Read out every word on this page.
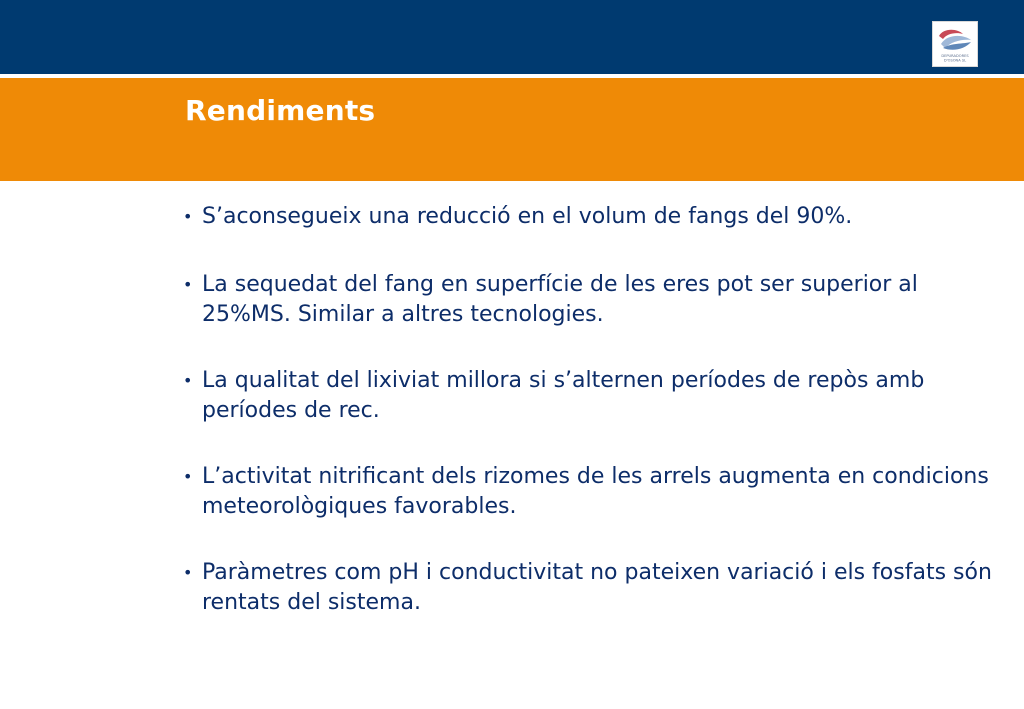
Rendiments
DEPURADORES
D'OSONA SL
• S’aconsegueix una reducció en el volum de fangs del 90%.
• La sequedat del fang en superfície de les eres pot ser superior al 25%MS. Similar a altres tecnologies.
• La qualitat del lixiviat millora si s’alternen períodes de repòs amb períodes de rec.
• L’activitat nitrificant dels rizomes de les arrels augmenta en condicions meteorològiques favorables.
• Paràmetres com pH i conductivitat no pateixen variació i els fosfats són rentats del sistema.
